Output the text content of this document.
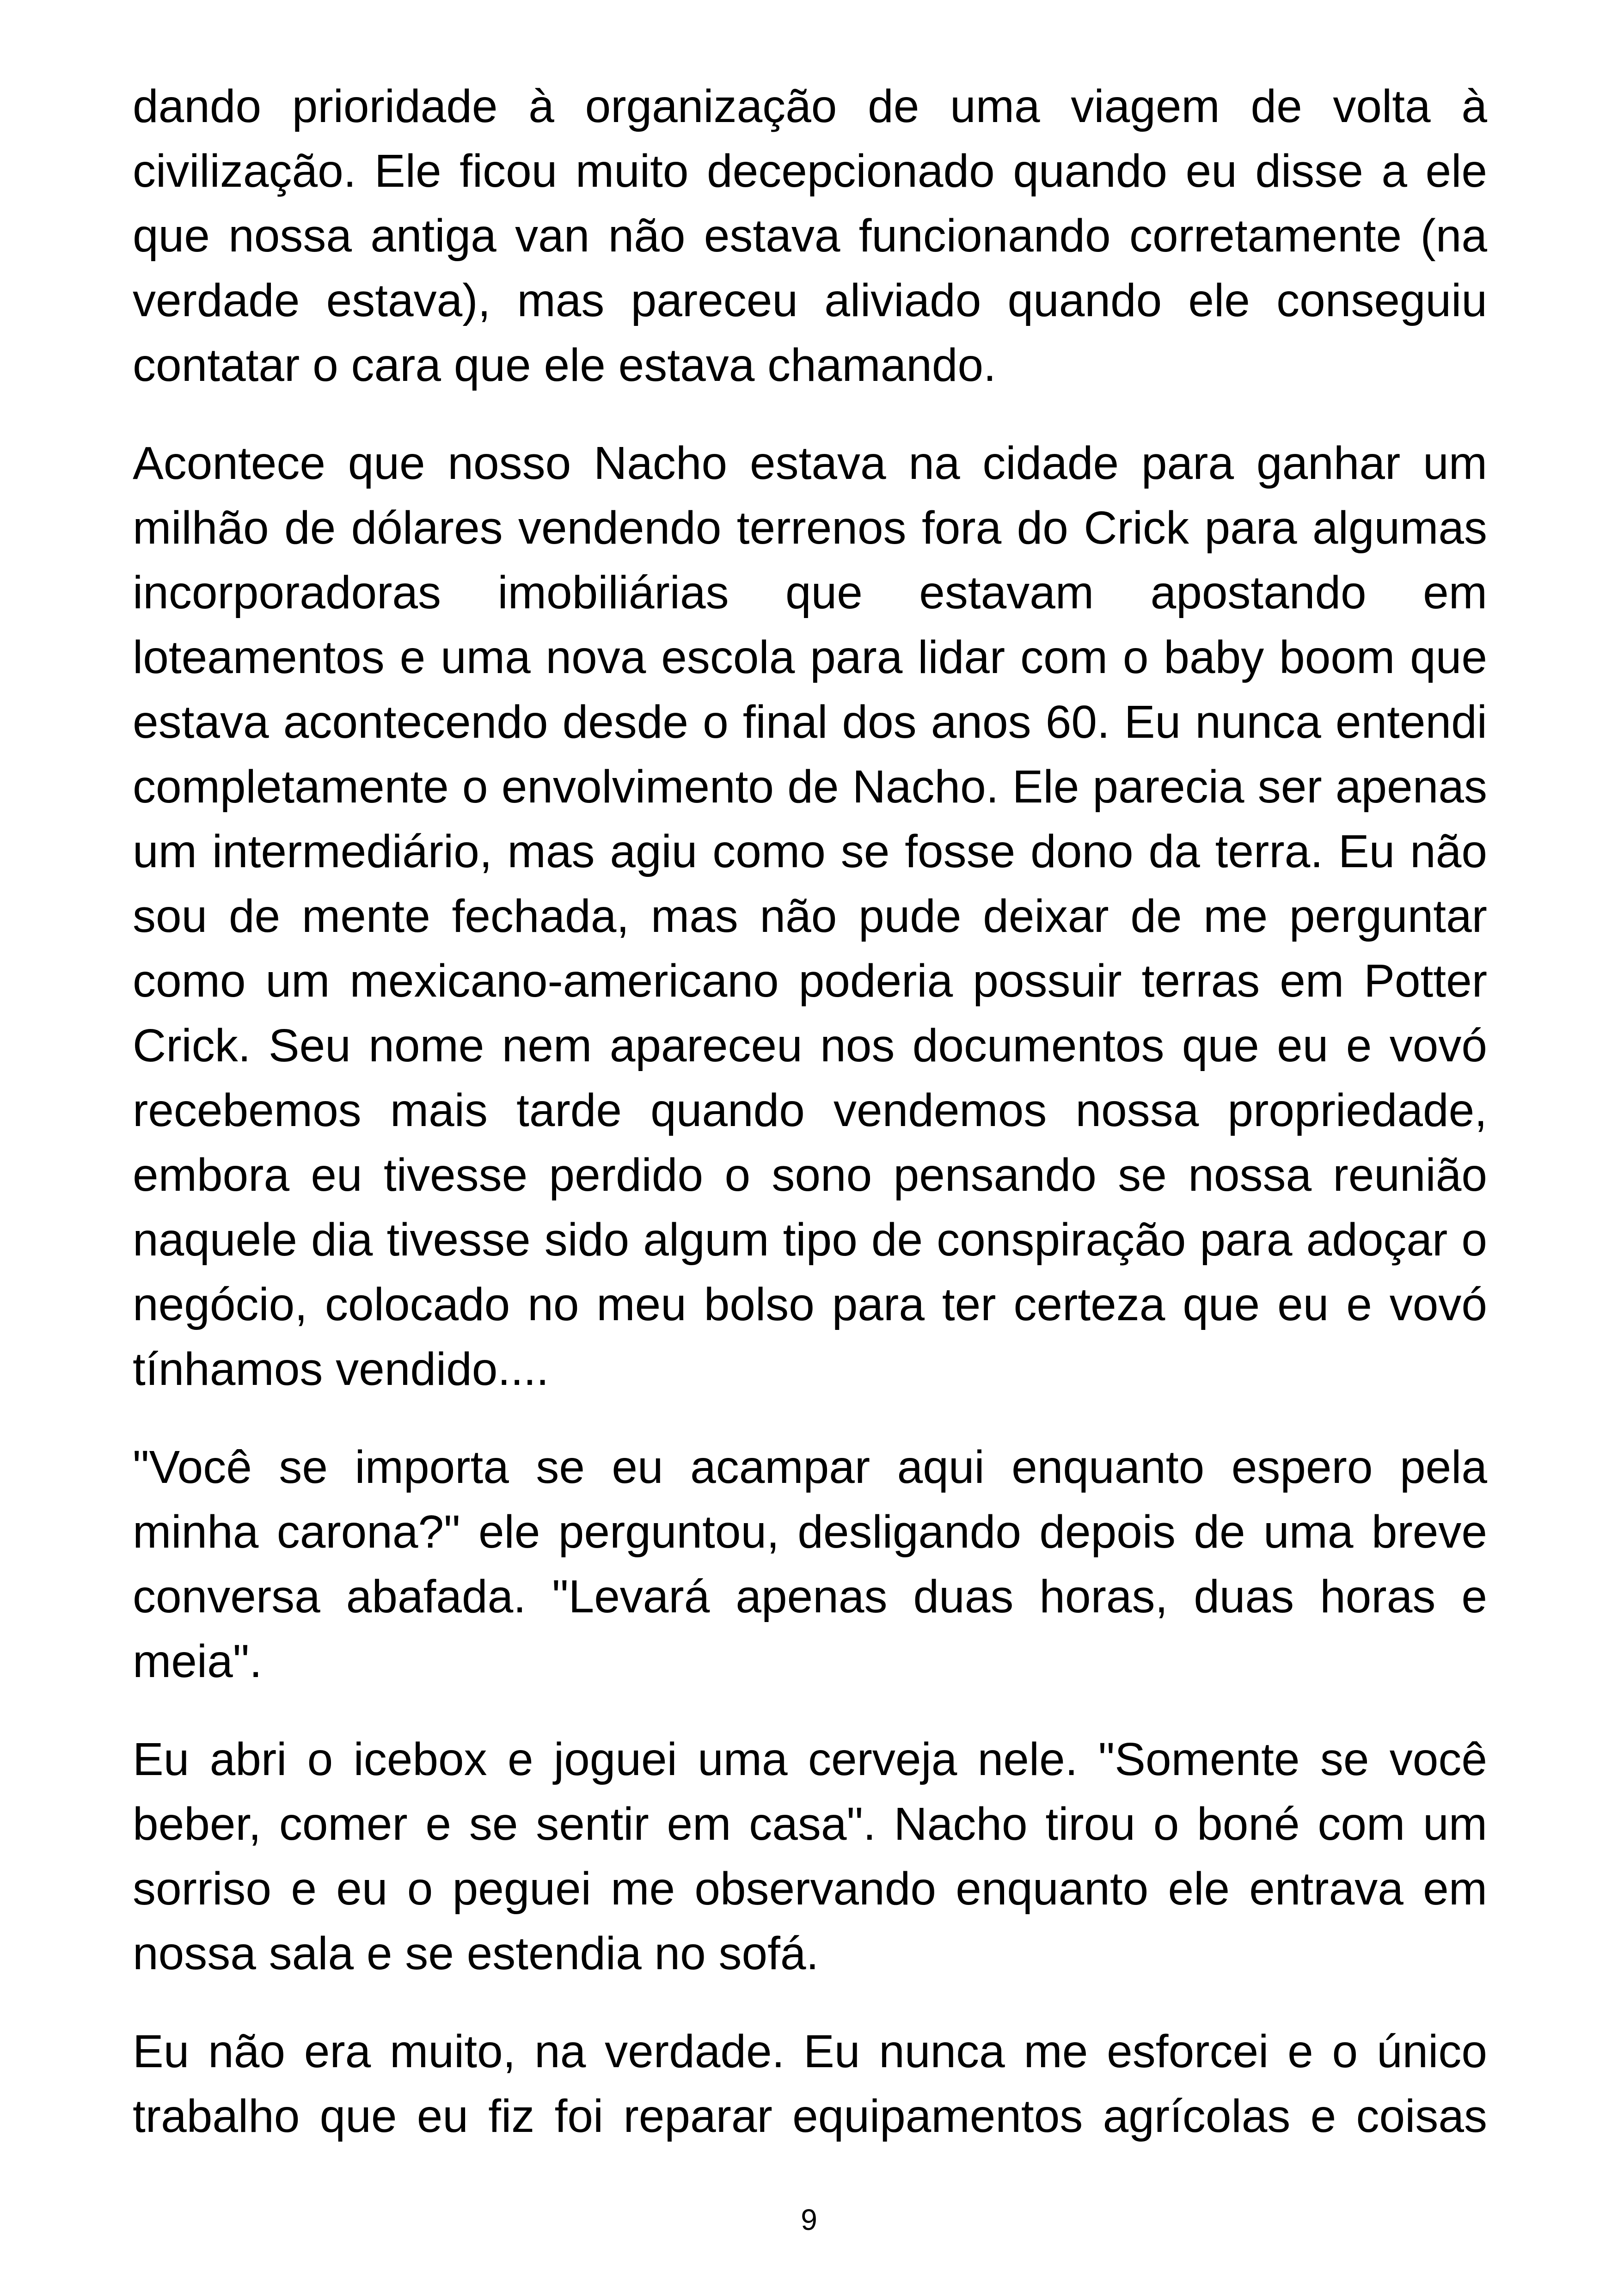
dando prioridade à organização de uma viagem de volta à civilização. Ele ficou muito decepcionado quando eu disse a ele que nossa antiga van não estava funcionando corretamente (na verdade estava), mas pareceu aliviado quando ele conseguiu contatar o cara que ele estava chamando.

Acontece que nosso Nacho estava na cidade para ganhar um milhão de dólares vendendo terrenos fora do Crick para algumas incorporadoras imobiliárias que estavam apostando em loteamentos e uma nova escola para lidar com o baby boom que estava acontecendo desde o final dos anos 60. Eu nunca entendi completamente o envolvimento de Nacho. Ele parecia ser apenas um intermediário, mas agiu como se fosse dono da terra. Eu não sou de mente fechada, mas não pude deixar de me perguntar como um mexicano-americano poderia possuir terras em Potter Crick. Seu nome nem apareceu nos documentos que eu e vovó recebemos mais tarde quando vendemos nossa propriedade, embora eu tivesse perdido o sono pensando se nossa reunião naquele dia tivesse sido algum tipo de conspiração para adoçar o negócio, colocado no meu bolso para ter certeza que eu e vovó tínhamos vendido....

"Você se importa se eu acampar aqui enquanto espero pela minha carona?" ele perguntou, desligando depois de uma breve conversa abafada. "Levará apenas duas horas, duas horas e meia".

Eu abri o icebox e joguei uma cerveja nele. "Somente se você beber, comer e se sentir em casa". Nacho tirou o boné com um sorriso e eu o peguei me observando enquanto ele entrava em nossa sala e se estendia no sofá.

Eu não era muito, na verdade. Eu nunca me esforcei e o único trabalho que eu fiz foi reparar equipamentos agrícolas e coisas

9
